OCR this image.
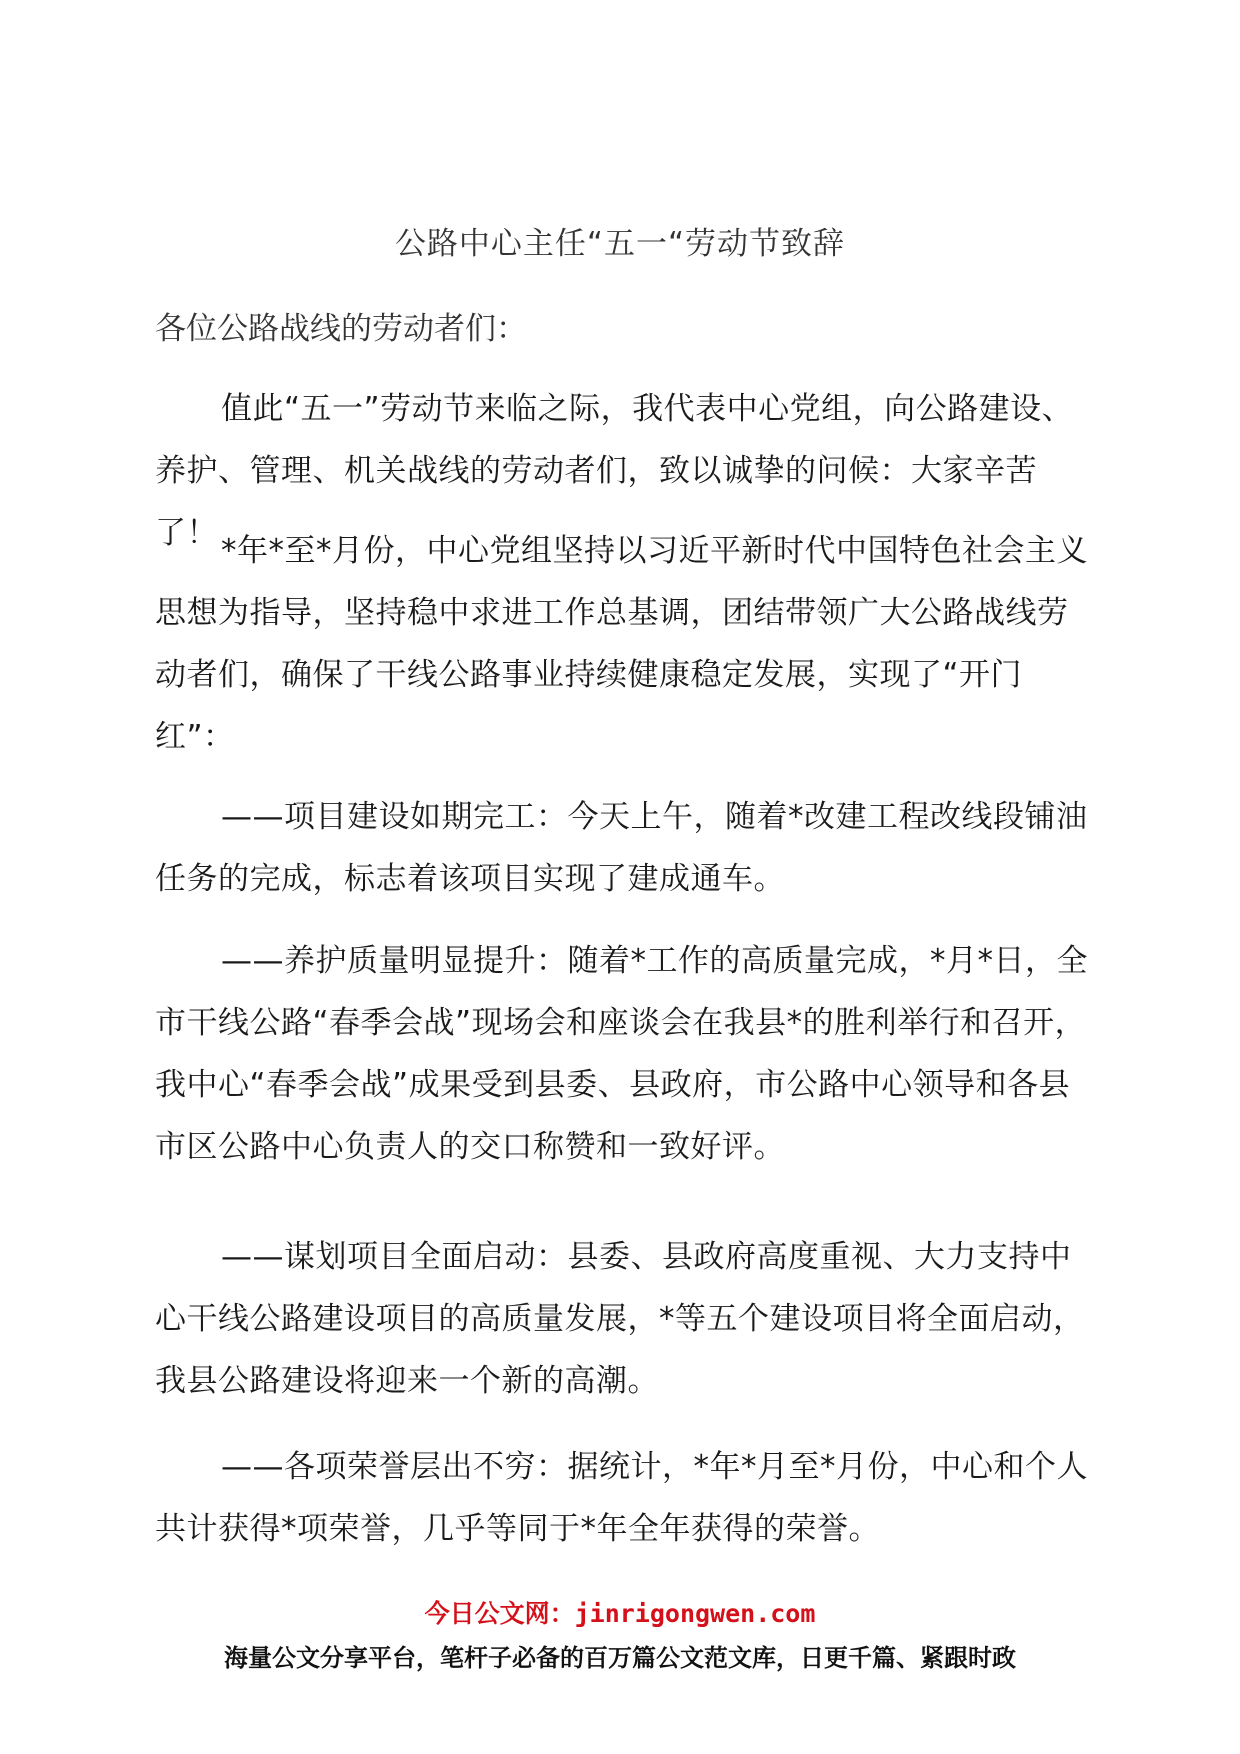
公路中心主任“五一“劳动节致辞

各位公路战线的劳动者们：

值此“五一”劳动节来临之际，我代表中心党组，向公路建设、养护、管理、机关战线的劳动者们，致以诚挚的问候：大家辛苦了！ *年*至*月份，中心党组坚持以习近平新时代中国特色社会主义思想为指导，坚持稳中求进工作总基调，团结带领广大公路战线劳动者们，确保了干线公路事业持续健康稳定发展，实现了“开门红”：

——项目建设如期完工：今天上午，随着*改建工程改线段铺油任务的完成，标志着该项目实现了建成通车。

——养护质量明显提升：随着*工作的高质量完成，*月*日，全市干线公路“春季会战”现场会和座谈会在我县*的胜利举行和召开，我中心“春季会战”成果受到县委、县政府，市公路中心领导和各县市区公路中心负责人的交口称赞和一致好评。

——谋划项目全面启动：县委、县政府高度重视、大力支持中心干线公路建设项目的高质量发展，*等五个建设项目将全面启动，我县公路建设将迎来一个新的高潮。

——各项荣誉层出不穷：据统计，*年*月至*月份，中心和个人共计获得*项荣誉，几乎等同于*年全年获得的荣誉。

今日公文网：jinrigongwen.com
海量公文分享平台，笔杆子必备的百万篇公文范文库，日更千篇、紧跟时政
